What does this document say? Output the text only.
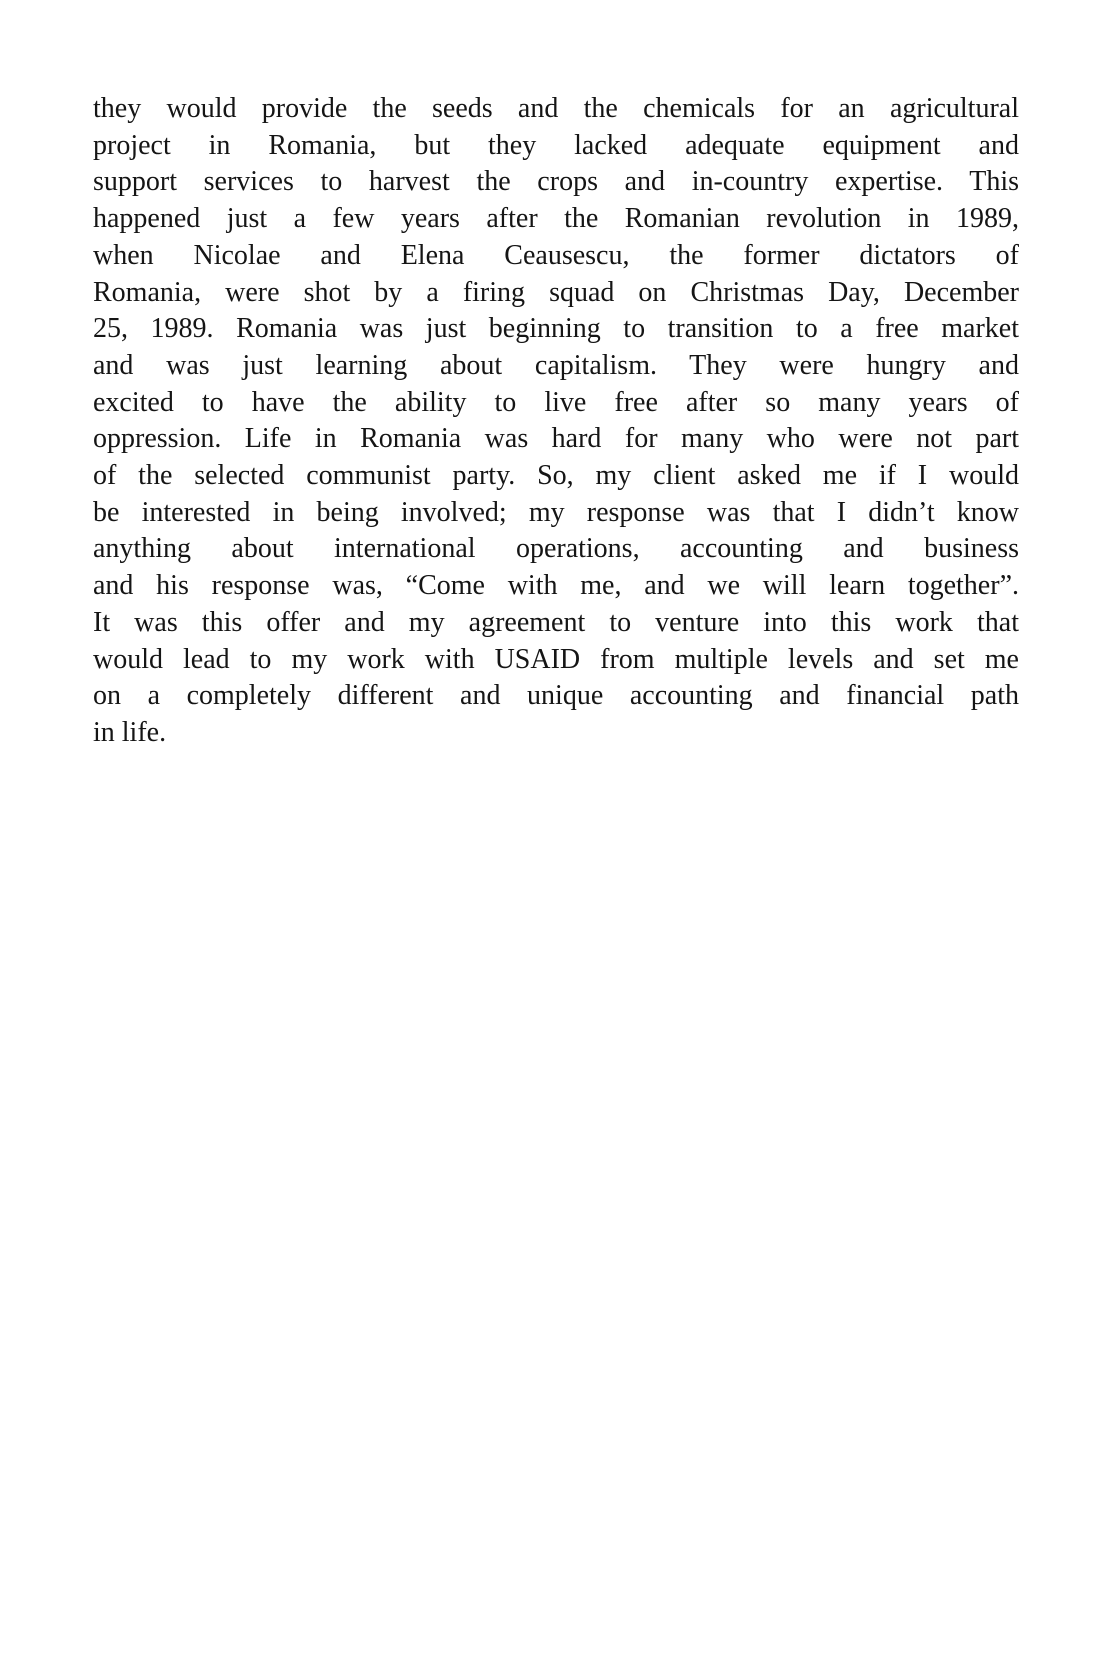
they would provide the seeds and the chemicals for an agricultural
project in Romania, but they lacked adequate equipment and
support services to harvest the crops and in-country expertise. This
happened just a few years after the Romanian revolution in 1989,
when Nicolae and Elena Ceausescu, the former dictators of
Romania, were shot by a firing squad on Christmas Day, December
25, 1989. Romania was just beginning to transition to a free market
and was just learning about capitalism. They were hungry and
excited to have the ability to live free after so many years of
oppression. Life in Romania was hard for many who were not part
of the selected communist party. So, my client asked me if I would
be interested in being involved; my response was that I didn’t know
anything about international operations, accounting and business
and his response was, “Come with me, and we will learn together”.
It was this offer and my agreement to venture into this work that
would lead to my work with USAID from multiple levels and set me
on a completely different and unique accounting and financial path
in life.
